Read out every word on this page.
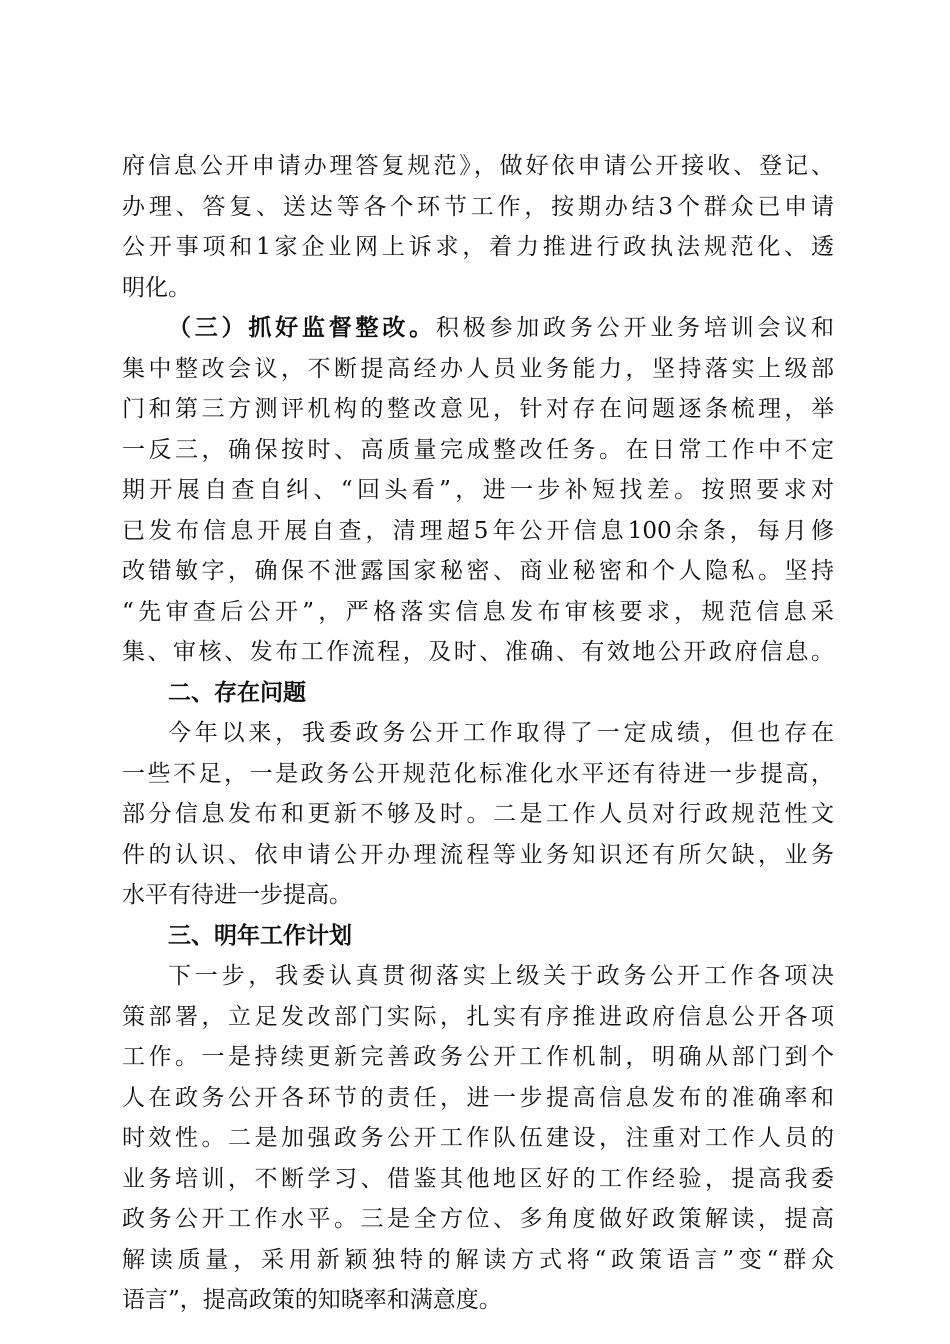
府信息公开申请办理答复规范》，做好依申请公开接收、登记、
办理、答复、送达等各个环节工作，按期办结3个群众已申请
公开事项和1家企业网上诉求，着力推进行政执法规范化、透
明化。
（三）抓好监督整改。积极参加政务公开业务培训会议和
集中整改会议，不断提高经办人员业务能力，坚持落实上级部
门和第三方测评机构的整改意见，针对存在问题逐条梳理，举
一反三，确保按时、高质量完成整改任务。在日常工作中不定
期开展自查自纠、“回头看”，进一步补短找差。按照要求对
已发布信息开展自查，清理超5年公开信息100余条，每月修
改错敏字，确保不泄露国家秘密、商业秘密和个人隐私。坚持
“先审查后公开”，严格落实信息发布审核要求，规范信息采
集、审核、发布工作流程，及时、准确、有效地公开政府信息。
二、存在问题
今年以来，我委政务公开工作取得了一定成绩，但也存在
一些不足，一是政务公开规范化标准化水平还有待进一步提高，
部分信息发布和更新不够及时。二是工作人员对行政规范性文
件的认识、依申请公开办理流程等业务知识还有所欠缺，业务
水平有待进一步提高。
三、明年工作计划
下一步，我委认真贯彻落实上级关于政务公开工作各项决
策部署，立足发改部门实际，扎实有序推进政府信息公开各项
工作。一是持续更新完善政务公开工作机制，明确从部门到个
人在政务公开各环节的责任，进一步提高信息发布的准确率和
时效性。二是加强政务公开工作队伍建设，注重对工作人员的
业务培训，不断学习、借鉴其他地区好的工作经验，提高我委
政务公开工作水平。三是全方位、多角度做好政策解读，提高
解读质量，采用新颖独特的解读方式将“政策语言”变“群众
语言”，提高政策的知晓率和满意度。
